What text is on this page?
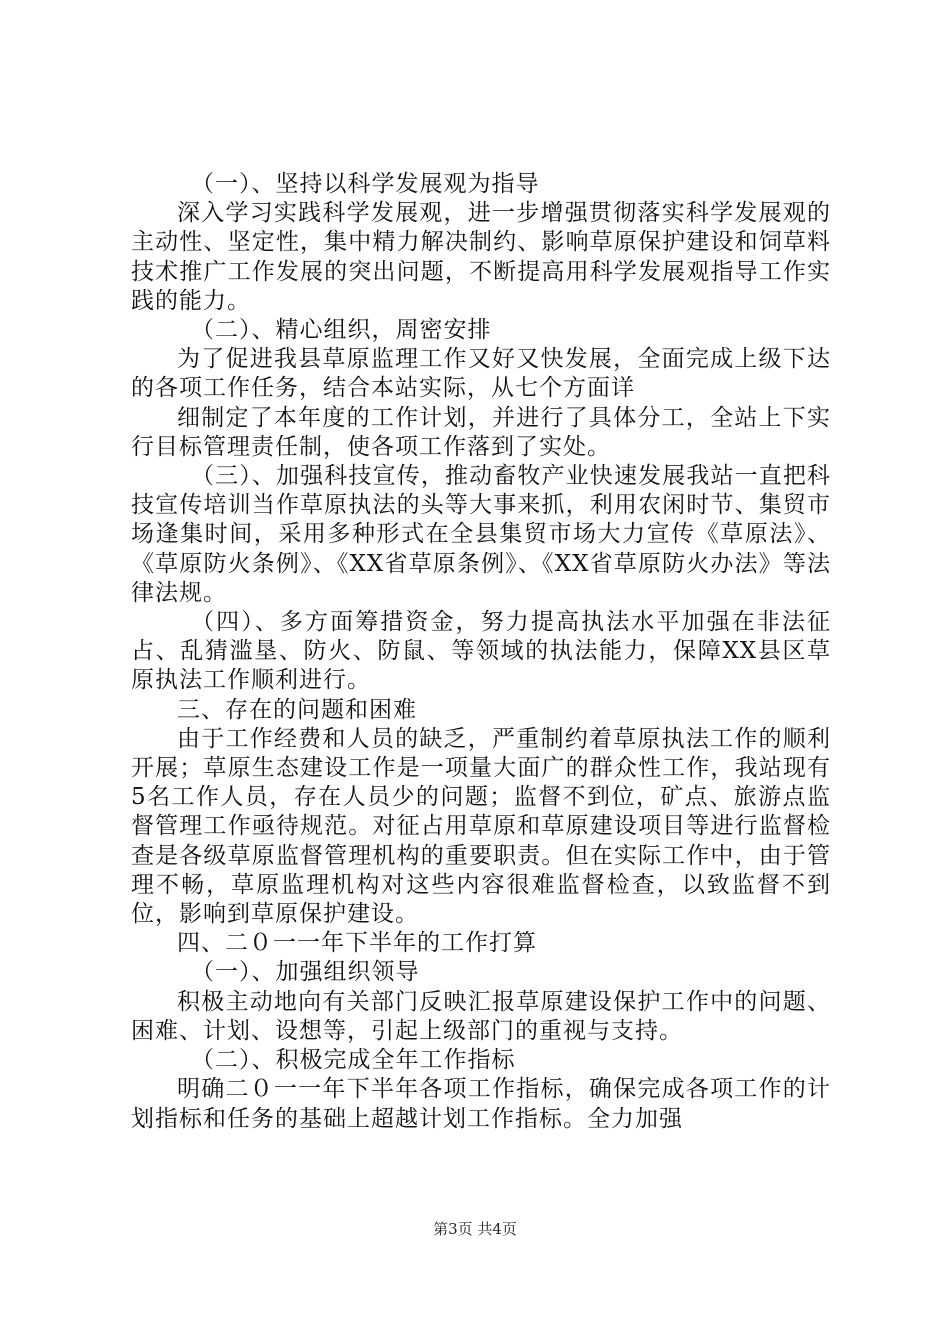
（一）、坚持以科学发展观为指导

深入学习实践科学发展观，进一步增强贯彻落实科学发展观的主动性、坚定性，集中精力解决制约、影响草原保护建设和饲草料技术推广工作发展的突出问题，不断提高用科学发展观指导工作实践的能力。

（二）、精心组织，周密安排

为了促进我县草原监理工作又好又快发展，全面完成上级下达的各项工作任务，结合本站实际，从七个方面详

细制定了本年度的工作计划，并进行了具体分工，全站上下实行目标管理责任制，使各项工作落到了实处。

（三）、加强科技宣传，推动畜牧产业快速发展我站一直把科技宣传培训当作草原执法的头等大事来抓，利用农闲时节、集贸市场逢集时间，采用多种形式在全县集贸市场大力宣传《草原法》、《草原防火条例》、《XX省草原条例》、《XX省草原防火办法》等法律法规。

（四）、多方面筹措资金，努力提高执法水平加强在非法征占、乱猜滥垦、防火、防鼠、等领域的执法能力，保障XX县区草原执法工作顺利进行。

三、存在的问题和困难

由于工作经费和人员的缺乏，严重制约着草原执法工作的顺利开展；草原生态建设工作是一项量大面广的群众性工作，我站现有5名工作人员，存在人员少的问题；监督不到位，矿点、旅游点监督管理工作亟待规范。对征占用草原和草原建设项目等进行监督检查是各级草原监督管理机构的重要职责。但在实际工作中，由于管理不畅，草原监理机构对这些内容很难监督检查，以致监督不到位，影响到草原保护建设。

四、二０一一年下半年的工作打算

（一）、加强组织领导

积极主动地向有关部门反映汇报草原建设保护工作中的问题、困难、计划、设想等，引起上级部门的重视与支持。

（二）、积极完成全年工作指标

明确二０一一年下半年各项工作指标，确保完成各项工作的计划指标和任务的基础上超越计划工作指标。全力加强

第3页 共4页
